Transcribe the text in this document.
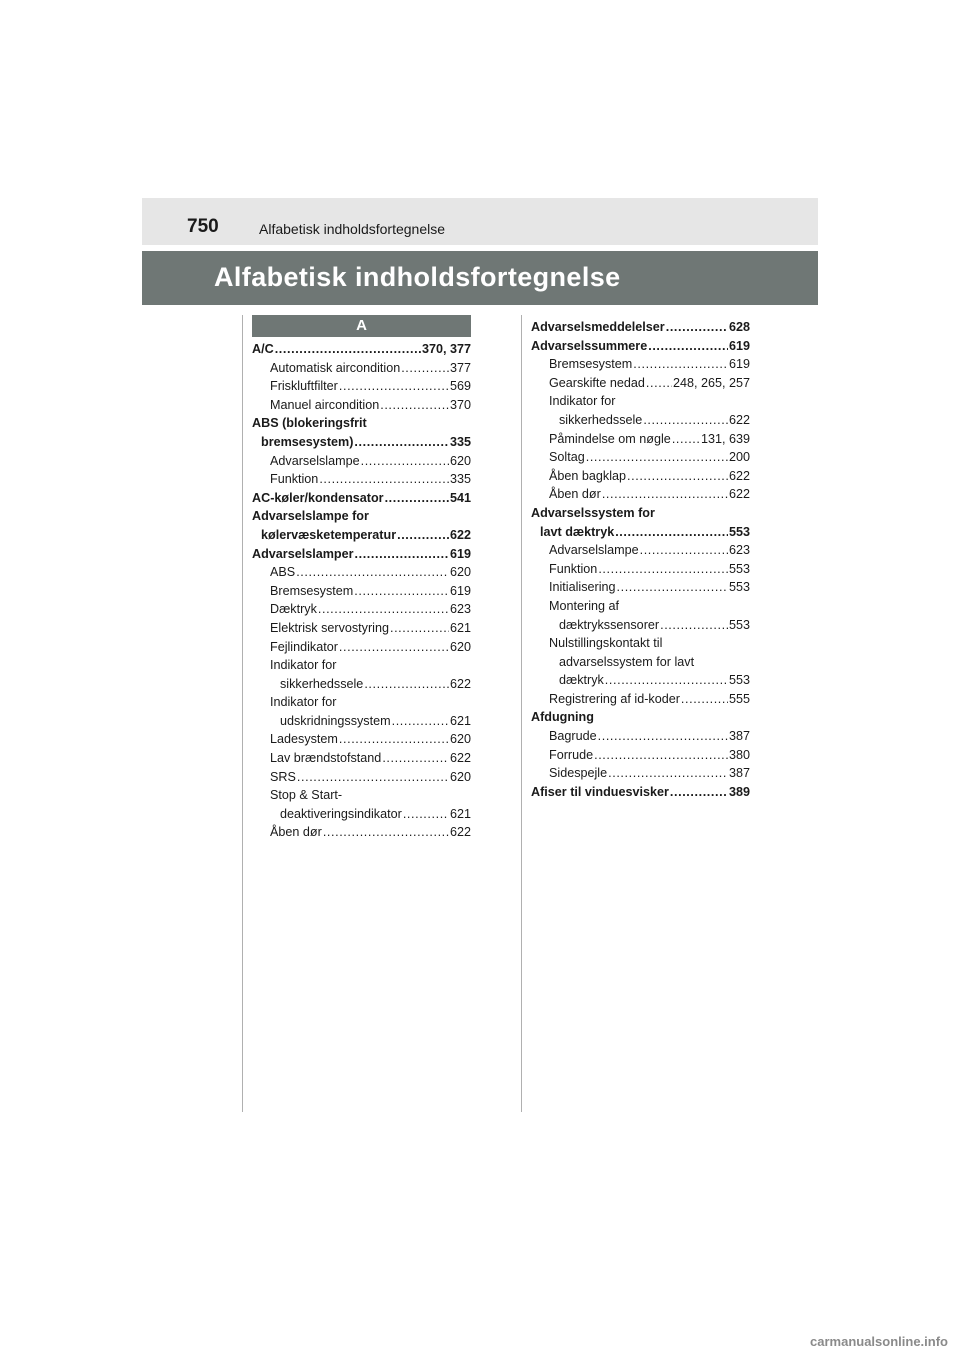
750	Alfabetisk indholdsfortegnelse
Alfabetisk indholdsfortegnelse
A
A/C .....	370, 377
Automatisk aircondition .....	377
Friskluftfilter .....	569
Manuel aircondition .....	370
ABS (blokeringsfrit
bremsesystem) .....	335
Advarselslampe .....	620
Funktion .....	335
AC-køler/kondensator .....	541
Advarselslampe for
kølervæsketemperatur .....	622
Advarselslamper .....	619
ABS .....	620
Bremsesystem .....	619
Dæktryk .....	623
Elektrisk servostyring .....	621
Fejlindikator .....	620
Indikator for
sikkerhedssele .....	622
Indikator for
udskridningssystem .....	621
Ladesystem .....	620
Lav brændstofstand .....	622
SRS .....	620
Stop & Start-
deaktiveringsindikator .....	621
Åben dør .....	622
Advarselsmeddelelser .....	628
Advarselssummere .....	619
Bremsesystem .....	619
Gearskifte nedad ..... 248, 265, 257
Indikator for
sikkerhedssele .....	622
Påmindelse om nøgle ..... 131, 639
Soltag .....	200
Åben bagklap .....	622
Åben dør .....	622
Advarselssystem for
lavt dæktryk .....	553
Advarselslampe .....	623
Funktion .....	553
Initialisering .....	553
Montering af
dæktrykssensorer .....	553
Nulstillingskontakt til
advarselssystem for lavt
dæktryk .....	553
Registrering af id-koder .....	555
Afdugning
Bagrude .....	387
Forrude .....	380
Sidespejle .....	387
Afiser til vinduesvisker .....	389
carmanualsonline.info
